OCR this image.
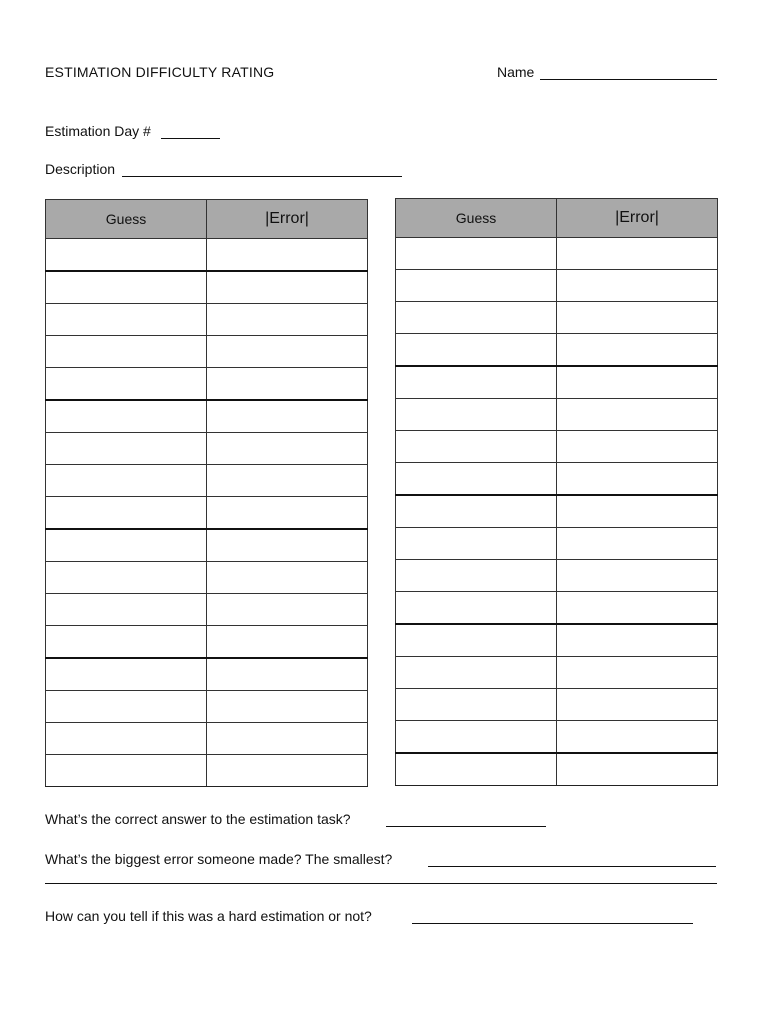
ESTIMATION DIFFICULTY RATING	Name
Estimation Day #
Description
Guess	|Error|

		Guess	|Error|

What’s the correct answer to the estimation task?
What’s the biggest error someone made? The smallest?
How can you tell if this was a hard estimation or not?
